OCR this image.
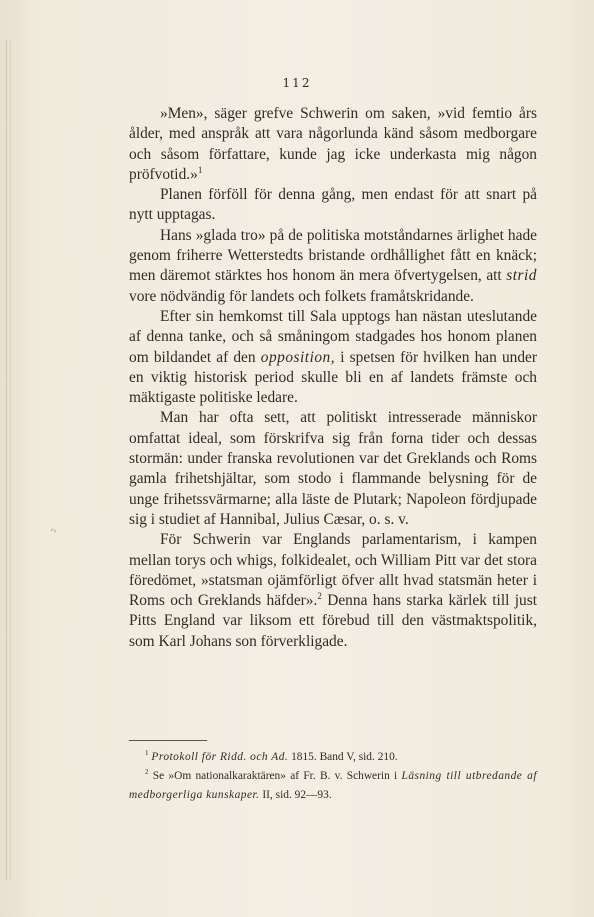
112
ʻᵛ

»Men», säger grefve Schwerin om saken, »vid femtio års ålder, med anspråk att vara någorlunda känd såsom medborgare och såsom författare, kunde jag icke underkasta mig någon pröfvotid.»$^1$

Planen förföll för denna gång, men endast för att snart på nytt upptagas.

Hans »glada tro» på de politiska motståndarnes ärlighet hade genom friherre Wetterstedts bristande ordhållighet fått en knäck; men däremot stärktes hos honom än mera öfvertygelsen, att strid vore nödvändig för landets och folkets framåtskridande.

Efter sin hemkomst till Sala upptogs han nästan uteslutande af denna tanke, och så småningom stadgades hos honom planen om bildandet af den opposition, i spetsen för hvilken han under en viktig historisk period skulle bli en af landets främste och mäktigaste politiske ledare.

Man har ofta sett, att politiskt intresserade människor omfattat ideal, som förskrifva sig från forna tider och dessas stormän: under franska revolutionen var det Greklands och Roms gamla frihetshjältar, som stodo i flammande belysning för de unge frihetssvärmarne; alla läste de Plutark; Napoleon fördjupade sig i studiet af Hannibal, Julius Cæsar, o. s. v.

För Schwerin var Englands parlamentarism, i kampen mellan torys och whigs, folkidealet, och William Pitt var det stora föredömet, »statsman ojämförligt öfver allt hvad statsmän heter i Roms och Greklands häfder».$^2$ Denna hans starka kärlek till just Pitts England var liksom ett förebud till den västmaktspolitik, som Karl Johans son förverkligade.

$^1$ Protokoll för Ridd. och Ad. 1815. Band V, sid. 210.

$^2$ Se »Om nationalkaraktären» af Fr. B. v. Schwerin i Läsning till utbredande af medborgerliga kunskaper. II, sid. 92—93.
